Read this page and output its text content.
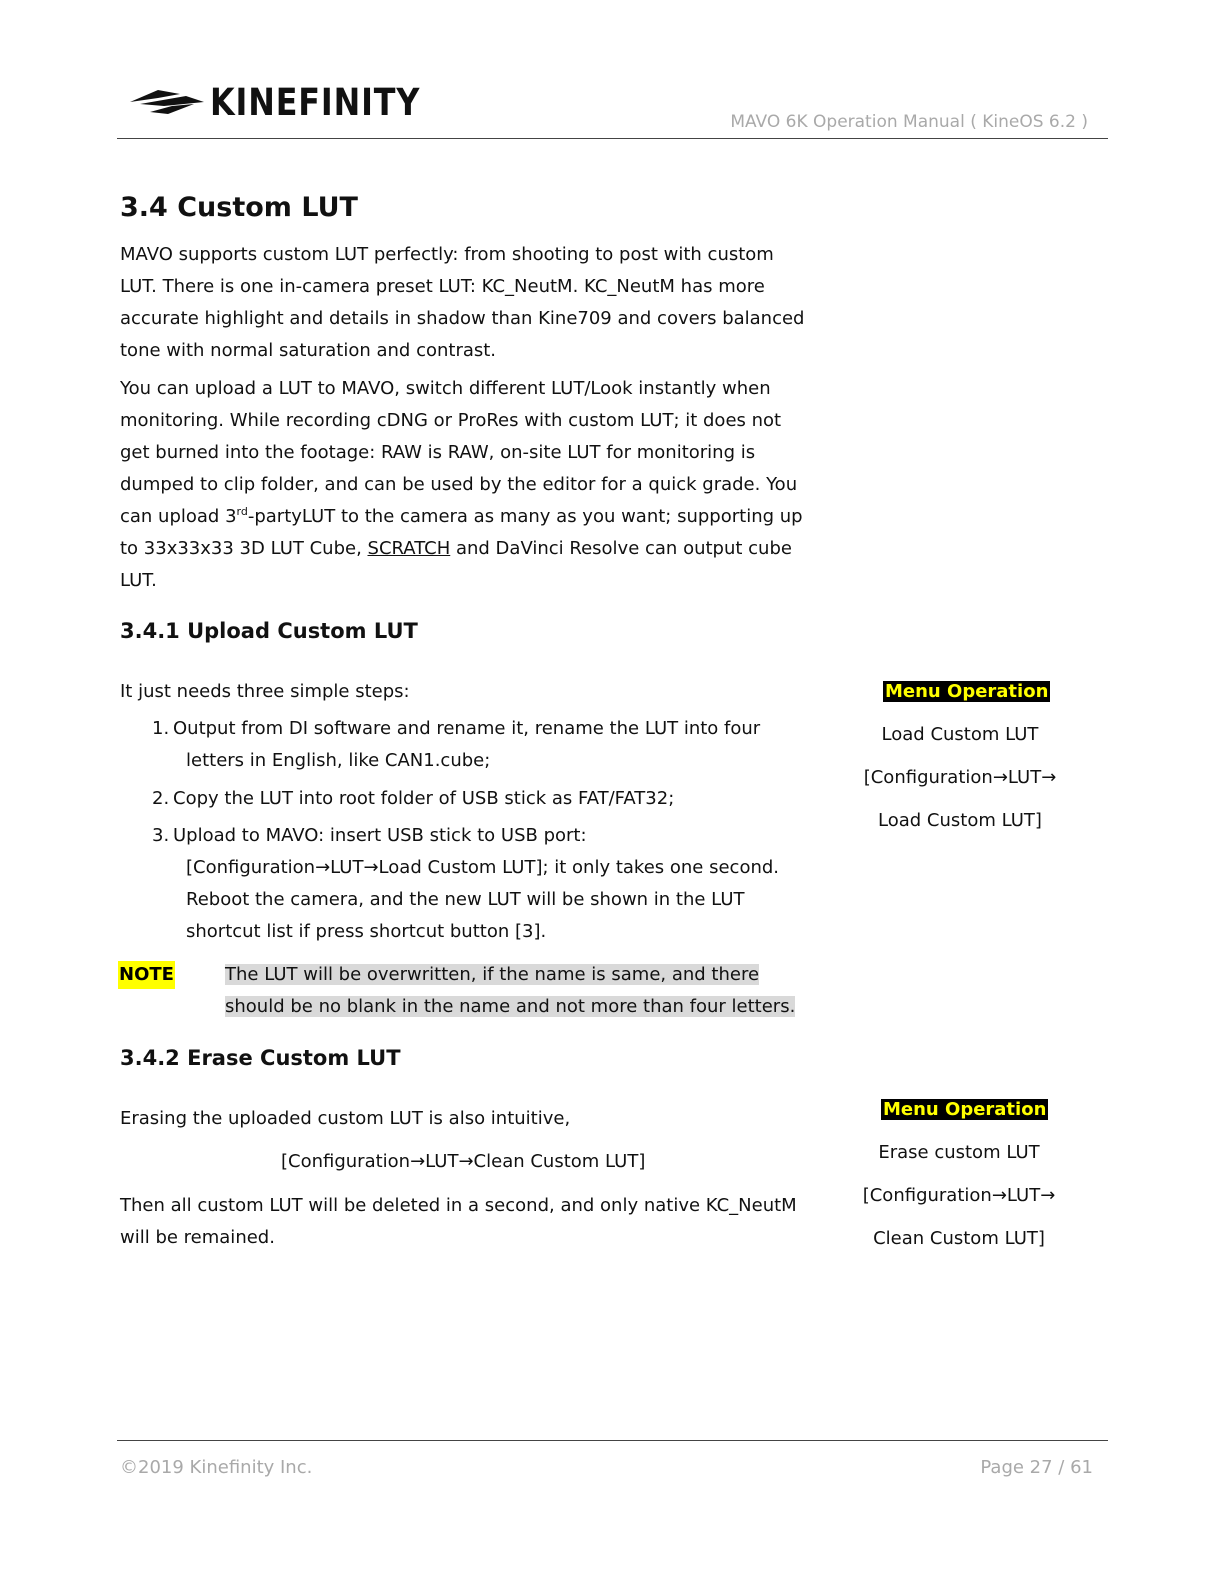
KINEFINITY	MAVO 6K Operation Manual ( KineOS 6.2 )
3.4 Custom LUT

MAVO supports custom LUT perfectly: from shooting to post with custom LUT. There is one in-camera preset LUT: KC_NeutM. KC_NeutM has more accurate highlight and details in shadow than Kine709 and covers balanced tone with normal saturation and contrast.

You can upload a LUT to MAVO, switch different LUT/Look instantly when monitoring. While recording cDNG or ProRes with custom LUT; it does not get burned into the footage: RAW is RAW, on-site LUT for monitoring is dumped to clip folder, and can be used by the editor for a quick grade. You can upload 3rd-partyLUT to the camera as many as you want; supporting up to 33x33x33 3D LUT Cube, SCRATCH and DaVinci Resolve can output cube LUT.

3.4.1 Upload Custom LUT
It just needs three simple steps:
1. Output from DI software and rename it, rename the LUT into four
letters in English, like CAN1.cube;
2. Copy the LUT into root folder of USB stick as FAT/FAT32;
3. Upload to MAVO: insert USB stick to USB port:
[Configuration→LUT→Load Custom LUT]; it only takes one second. Reboot the camera, and the new LUT will be shown in the LUT shortcut list if press shortcut button [3].
NOTE	The LUT will be overwritten, if the name is same, and there
should be no blank in the name and not more than four letters.
Menu Operation
Load Custom LUT
[Configuration→LUT→
Load Custom LUT]
3.4.2 Erase Custom LUT
Erasing the uploaded custom LUT is also intuitive,
[Configuration→LUT→Clean Custom LUT]

Then all custom LUT will be deleted in a second, and only native KC_NeutM will be remained.

Menu Operation
Erase custom LUT
[Configuration→LUT→
Clean Custom LUT]
©2019 Kinefinity Inc.	Page 27 / 61
